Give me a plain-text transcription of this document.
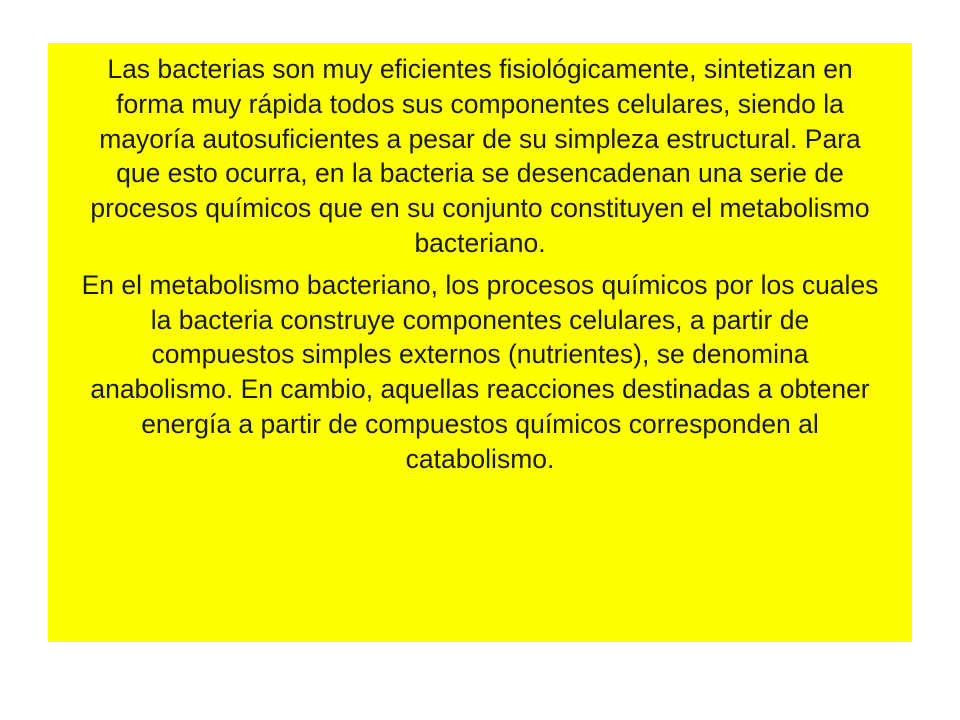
Las bacterias son muy eficientes fisiológicamente, sintetizan en forma muy rápida todos sus componentes celulares, siendo la mayoría autosuficientes a pesar de su simpleza estructural. Para que esto ocurra, en la bacteria se desencadenan una serie de procesos químicos que en su conjunto constituyen el metabolismo bacteriano.

En el metabolismo bacteriano, los procesos químicos por los cuales la bacteria construye componentes celulares, a partir de compuestos simples externos (nutrientes), se denomina anabolismo. En cambio, aquellas reacciones destinadas a obtener energía a partir de compuestos químicos corresponden al catabolismo.
